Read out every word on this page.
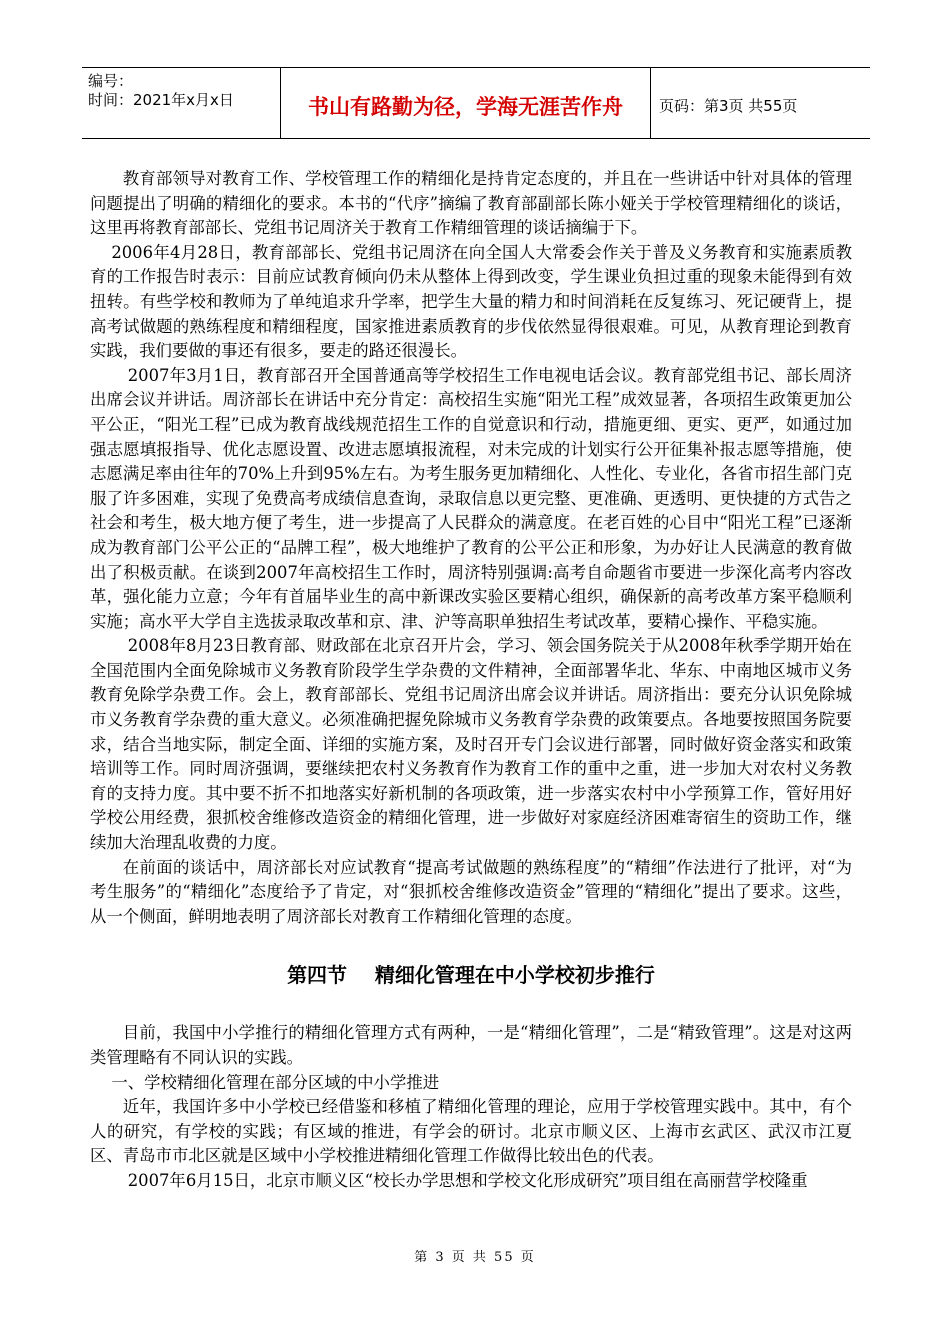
编号：
时间：2021年x月x日	书山有路勤为径，学海无涯苦作舟	页码：第3页 共55页

教育部领导对教育工作、学校管理工作的精细化是持肯定态度的，并且在一些讲话中针对具体的管理问题提出了明确的精细化的要求。本书的“代序”摘编了教育部副部长陈小娅关于学校管理精细化的谈话，这里再将教育部部长、党组书记周济关于教育工作精细管理的谈话摘编于下。

2006年4月28日，教育部部长、党组书记周济在向全国人大常委会作关于普及义务教育和实施素质教育的工作报告时表示：目前应试教育倾向仍未从整体上得到改变，学生课业负担过重的现象未能得到有效扭转。有些学校和教师为了单纯追求升学率，把学生大量的精力和时间消耗在反复练习、死记硬背上，提高考试做题的熟练程度和精细程度，国家推进素质教育的步伐依然显得很艰难。可见，从教育理论到教育实践，我们要做的事还有很多，要走的路还很漫长。

2007年3月1日，教育部召开全国普通高等学校招生工作电视电话会议。教育部党组书记、部长周济出席会议并讲话。周济部长在讲话中充分肯定：高校招生实施“阳光工程”成效显著，各项招生政策更加公平公正，“阳光工程”已成为教育战线规范招生工作的自觉意识和行动，措施更细、更实、更严，如通过加强志愿填报指导、优化志愿设置、改进志愿填报流程，对未完成的计划实行公开征集补报志愿等措施，使志愿满足率由往年的70%上升到95%左右。为考生服务更加精细化、人性化、专业化，各省市招生部门克服了许多困难，实现了免费高考成绩信息查询，录取信息以更完整、更准确、更透明、更快捷的方式告之社会和考生，极大地方便了考生，进一步提高了人民群众的满意度。在老百姓的心目中“阳光工程”已逐渐成为教育部门公平公正的“品牌工程”，极大地维护了教育的公平公正和形象，为办好让人民满意的教育做出了积极贡献。在谈到2007年高校招生工作时，周济特别强调:高考自命题省市要进一步深化高考内容改革，强化能力立意；今年有首届毕业生的高中新课改实验区要精心组织，确保新的高考改革方案平稳顺利实施；高水平大学自主选拔录取改革和京、津、沪等高职单独招生考试改革，要精心操作、平稳实施。

2008年8月23日教育部、财政部在北京召开片会，学习、领会国务院关于从2008年秋季学期开始在全国范围内全面免除城市义务教育阶段学生学杂费的文件精神，全面部署华北、华东、中南地区城市义务教育免除学杂费工作。会上，教育部部长、党组书记周济出席会议并讲话。周济指出：要充分认识免除城市义务教育学杂费的重大意义。必须准确把握免除城市义务教育学杂费的政策要点。各地要按照国务院要求，结合当地实际，制定全面、详细的实施方案，及时召开专门会议进行部署，同时做好资金落实和政策培训等工作。同时周济强调，要继续把农村义务教育作为教育工作的重中之重，进一步加大对农村义务教育的支持力度。其中要不折不扣地落实好新机制的各项政策，进一步落实农村中小学预算工作，管好用好学校公用经费，狠抓校舍维修改造资金的精细化管理，进一步做好对家庭经济困难寄宿生的资助工作，继续加大治理乱收费的力度。

在前面的谈话中，周济部长对应试教育“提高考试做题的熟练程度”的“精细”作法进行了批评，对“为考生服务”的“精细化”态度给予了肯定，对“狠抓校舍维修改造资金”管理的“精细化”提出了要求。这些，从一个侧面，鲜明地表明了周济部长对教育工作精细化管理的态度。

第四节    精细化管理在中小学校初步推行

目前，我国中小学推行的精细化管理方式有两种，一是“精细化管理”，二是“精致管理”。这是对这两类管理略有不同认识的实践。

一、学校精细化管理在部分区域的中小学推进

近年，我国许多中小学校已经借鉴和移植了精细化管理的理论，应用于学校管理实践中。其中，有个人的研究，有学校的实践；有区域的推进，有学会的研讨。北京市顺义区、上海市玄武区、武汉市江夏区、青岛市市北区就是区域中小学校推进精细化管理工作做得比较出色的代表。

2007年6月15日，北京市顺义区“校长办学思想和学校文化形成研究”项目组在高丽营学校隆重

第 3 页 共 55 页
